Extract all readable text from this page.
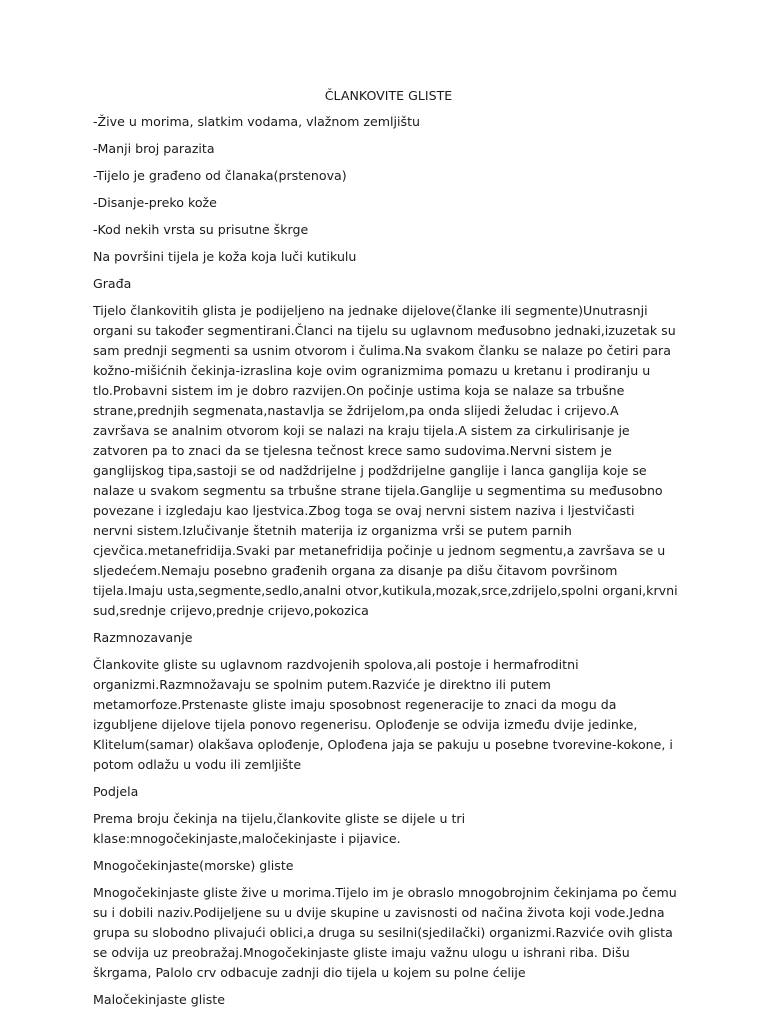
ČLANKOVITE GLISTE
-Žive u morima, slatkim vodama, vlažnom zemljištu
-Manji broj parazita
-Tijelo je građeno od članaka(prstenova)
-Disanje-preko kože
-Kod nekih vrsta su prisutne škrge
Na površini tijela je koža koja luči kutikulu
Građa
Tijelo člankovitih glista je podijeljeno na jednake dijelove(članke ili segmente)Unutrasnji organi su također segmentirani.Članci na tijelu su uglavnom međusobno jednaki,izuzetak su sam prednji segmenti sa usnim otvorom i čulima.Na svakom članku se nalaze po četiri para kožno-mišićnih čekinja-izraslina koje ovim ogranizmima pomazu u kretanu i prodiranju u tlo.Probavni sistem im je dobro razvijen.On počinje ustima koja se nalaze sa trbušne strane,prednjih segmenata,nastavlja se ždrijelom,pa onda slijedi želudac i crijevo.A završava se analnim otvorom koji se nalazi na kraju tijela.A sistem za cirkulirisanje je zatvoren pa to znaci da se tjelesna tečnost krece samo sudovima.Nervni sistem je ganglijskog tipa,sastoji se od nadždrijelne j podždrijelne ganglije i lanca ganglija koje se nalaze u svakom segmentu sa trbušne strane tijela.Ganglije u segmentima su međusobno povezane i izgledaju kao ljestvica.Zbog toga se ovaj nervni sistem naziva i ljestvičasti nervni sistem.Izlučivanje štetnih materija iz organizma vrši se putem parnih cjevčica.metanefridija.Svaki par metanefridija počinje u jednom segmentu,a završava se u sljedećem.Nemaju posebno građenih organa za disanje pa dišu čitavom površinom tijela.Imaju usta,segmente,sedlo,analni otvor,kutikula,mozak,srce,zdrijelo,spolni organi,krvni sud,srednje crijevo,prednje crijevo,pokozica
Razmnozavanje
Člankovite gliste su uglavnom razdvojenih spolova,ali postoje i hermafroditni organizmi.Razmnožavaju se spolnim putem.Razviće je direktno ili putem metamorfoze.Prstenaste gliste imaju sposobnost regeneracije to znaci da mogu da izgubljene dijelove tijela ponovo regenerisu. Oplođenje se odvija između dvije jedinke, Klitelum(samar) olakšava oplođenje, Oplođena jaja se pakuju u posebne tvorevine-kokone, i potom odlažu u vodu ili zemljište
Podjela
Prema broju čekinja na tijelu,člankovite gliste se dijele u tri klase:mnogočekinjaste,maločekinjaste i pijavice.
Mnogočekinjaste(morske) gliste
Mnogočekinjaste gliste žive u morima.Tijelo im je obraslo mnogobrojnim čekinjama po čemu su i dobili naziv.Podijeljene su u dvije skupine u zavisnosti od načina života koji vode.Jedna grupa su slobodno plivajući oblici,a druga su sesilni(sjedilački) organizmi.Razviće ovih glista se odvija uz preobražaj.Mnogočekinjaste gliste imaju važnu ulogu u ishrani riba. Dišu škrgama, Palolo crv odbacuje zadnji dio tijela u kojem su polne ćelije
Maločekinjaste gliste
